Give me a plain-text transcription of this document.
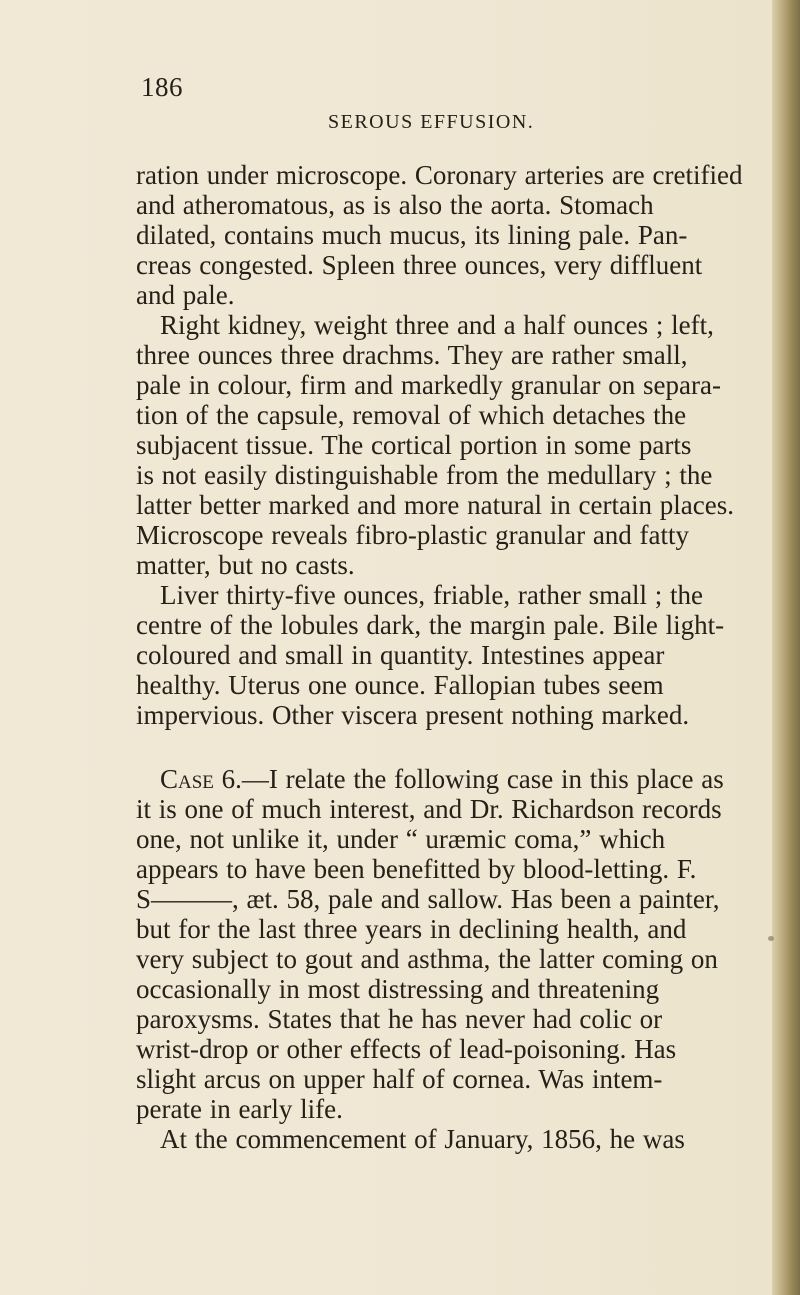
186
SEROUS EFFUSION.
ration under microscope. Coronary arteries are cretified
and atheromatous, as is also the aorta. Stomach
dilated, contains much mucus, its lining pale. Pan-
creas congested. Spleen three ounces, very diffluent
and pale.
Right kidney, weight three and a half ounces ; left,
three ounces three drachms. They are rather small,
pale in colour, firm and markedly granular on separa-
tion of the capsule, removal of which detaches the
subjacent tissue. The cortical portion in some parts
is not easily distinguishable from the medullary ; the
latter better marked and more natural in certain places.
Microscope reveals fibro-plastic granular and fatty
matter, but no casts.
Liver thirty-five ounces, friable, rather small ; the
centre of the lobules dark, the margin pale. Bile light-
coloured and small in quantity. Intestines appear
healthy. Uterus one ounce. Fallopian tubes seem
impervious. Other viscera present nothing marked.
Case 6.—I relate the following case in this place as
it is one of much interest, and Dr. Richardson records
one, not unlike it, under “ uræmic coma,” which
appears to have been benefitted by blood-letting. F.
S———, æt. 58, pale and sallow. Has been a painter,
but for the last three years in declining health, and
very subject to gout and asthma, the latter coming on
occasionally in most distressing and threatening
paroxysms. States that he has never had colic or
wrist-drop or other effects of lead-poisoning. Has
slight arcus on upper half of cornea. Was intem-
perate in early life.
At the commencement of January, 1856, he was
